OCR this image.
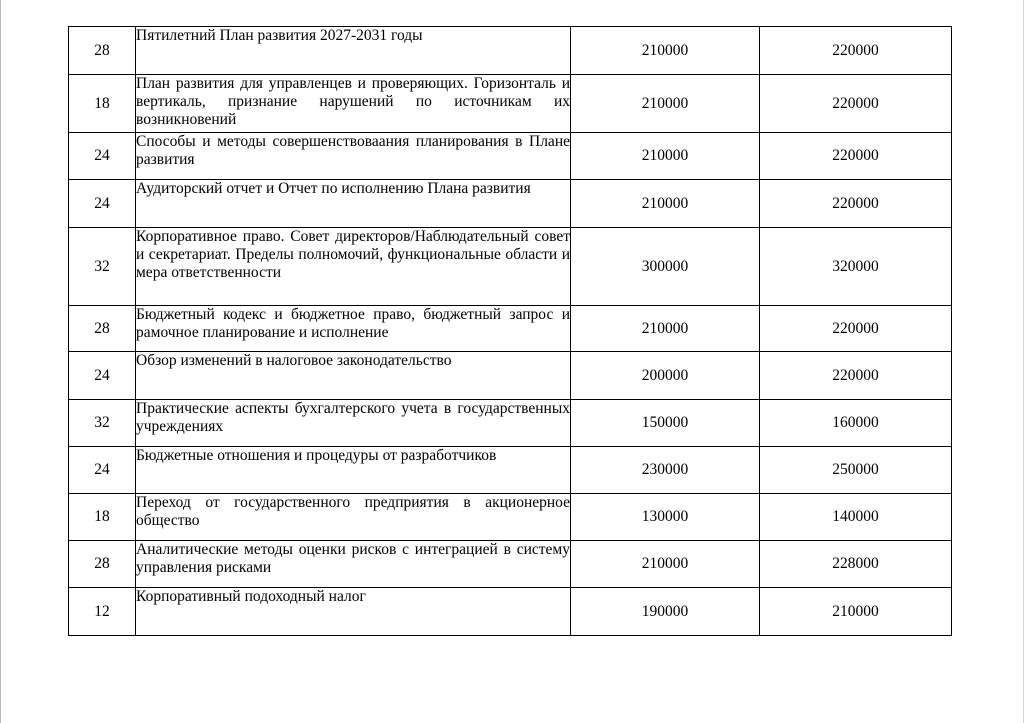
28	Пятилетний План развития 2027-2031 годы	210000	220000
18	План развития для управленцев и проверяющих. Горизонталь и вертикаль, признание нарушений по источникам их возникновений	210000	220000
24	Способы и методы совершенствоваания планирования в Плане развития	210000	220000
24	Аудиторский отчет и Отчет по исполнению Плана развития	210000	220000
32	Корпоративное право. Совет директоров/Наблюдательный совет и секретариат. Пределы полномочий, функциональные области и мера ответственности	300000	320000
28	Бюджетный кодекс и бюджетное право, бюджетный запрос и рамочное планирование и исполнение	210000	220000
24	Обзор изменений в налоговое законодательство	200000	220000
32	Практические аспекты бухгалтерского учета в государственных учреждениях	150000	160000
24	Бюджетные отношения и процедуры от разработчиков	230000	250000
18	Переход от государственного предприятия в акционерное общество	130000	140000
28	Аналитические методы оценки рисков с интеграцией в систему управления рисками	210000	228000
12	Корпоративный подоходный налог	190000	210000
